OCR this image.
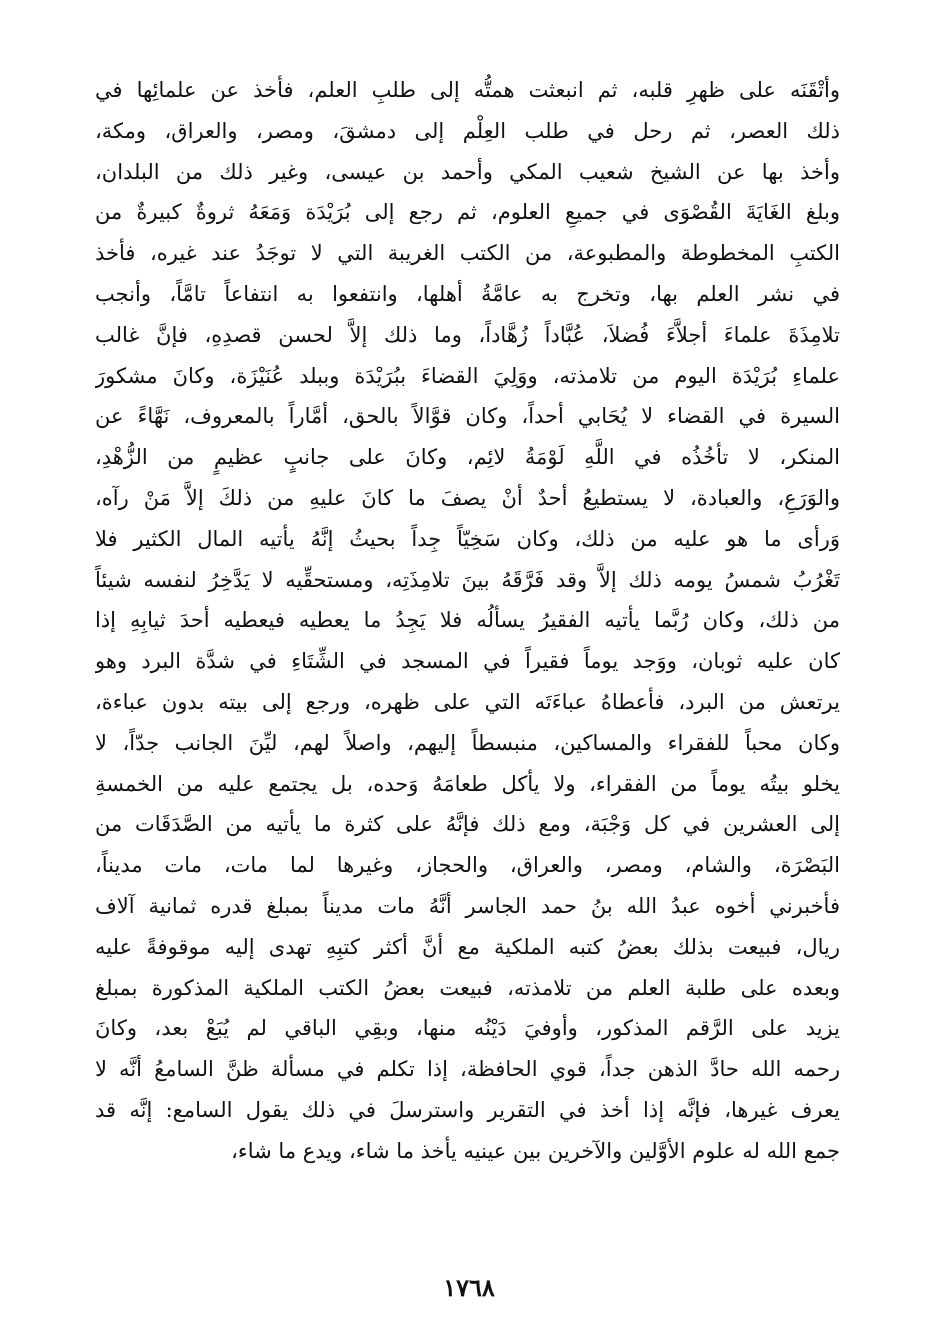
وأتْقَنَه على ظهرِ قلبه، ثم انبعثت همتُّه إلى طلبِ العلم، فأخذ عن علمائِها في
ذلك العصر، ثم رحل في طلب العِلْم إلى دمشقَ، ومصر، والعراق، ومكة،
وأخذ بها عن الشيخ شعيب المكي وأحمد بن عيسى، وغير ذلك من البلدان،
وبلغ الغَايَةَ القُصْوَى في جميعِ العلوم، ثم رجع إلى بُرَيْدَة وَمَعَهُ ثروةٌ كبيرةٌ من
الكتبِ المخطوطة والمطبوعة، من الكتب الغريبة التي لا توجَدُ عند غيره، فأخذ
في نشر العلم بها، وتخرج به عامَّةُ أهلها، وانتفعوا به انتفاعاً تامَّاً، وأنجب
تلامِذَةَ علماءَ أجلاَّءَ فُضلاَ، عُبَّاداً زُهَّاداً، وما ذلك إلاَّ لحسن قصدِهِ، فإنَّ غالب
علماءِ بُرَيْدَة اليوم من تلامذته، ووَلِيَ القضاءَ ببُرَيْدَة وببلد عُنَيْزَة، وكانَ مشكورَ
السيرة في القضاء لا يُحَابي أحداً، وكان قوَّالاً بالحق، أمَّاراً بالمعروف، نَهَّاءً عن
المنكر، لا تأخُذُه في اللَّهِ لَوْمَةُ لائِم، وكانَ على جانبٍ عظيمٍ من الزُّهْدِ،
والوَرَعِ، والعبادة، لا يستطيعُ أحدٌ أنْ يصفَ ما كانَ عليهِ من ذلكَ إلاَّ مَنْ رآه،
وَرأى ما هو عليه من ذلك، وكان سَخِيّاً جِداً بحيثُ إنَّهُ يأتيه المال الكثير فلا
تَغْرُبُ شمسُ يومه ذلك إلاَّ وقد فَرَّقَهُ بينَ تلامِذَتِه، ومستحقِّيه لا يَدَّخِرُ لنفسه شيئاً
من ذلك، وكان رُبَّما يأتيه الفقيرُ يسألُه فلا يَجِدُ ما يعطيه فيعطيه أحدَ ثيابِهِ إذا
كان عليه ثوبان، ووَجد يوماً فقيراً في المسجد في الشِّتَاءِ في شدَّة البرد وهو
يرتعش من البرد، فأعطاهُ عباءَتَه التي على ظهره، ورجع إلى بيته بدون عباءة،
وكان محباً للفقراء والمساكين، منبسطاً إليهم، واصلاً لهم، ليِّنَ الجانب جدّاً، لا
يخلو بيتُه يوماً من الفقراء، ولا يأكل طعامَهُ وَحده، بل يجتمع عليه من الخمسةِ
إلى العشرين في كل وَجْبَة، ومع ذلك فإنَّهُ على كثرة ما يأتيه من الصَّدَقَات من
البَصْرَة، والشام، ومصر، والعراق، والحجاز، وغيرها لما مات، مات مديناً،
فأخبرني أخوه عبدُ الله بنُ حمد الجاسر أنَّهُ مات مديناً بمبلغ قدره ثمانية آلاف
ريال، فبيعت بذلك بعضُ كتبه الملكية مع أنَّ أكثر كتبِهِ تهدى إليه موقوفةً عليه
وبعده على طلبة العلم من تلامذته، فبيعت بعضُ الكتب الملكية المذكورة بمبلغ
يزيد على الرَّقم المذكور، وأوفيَ دَيْنُه منها، وبقِي الباقي لم يُبَعْ بعد، وكانَ
رحمه الله حادَّ الذهن جداً، قوي الحافظة، إذا تكلم في مسألة ظنَّ السامعُ أنَّه لا
يعرف غيرها، فإنَّه إذا أخذ في التقرير واسترسلَ في ذلك يقول السامع: إنَّه قد
جمع الله له علوم الأوَّلين والآخرين بين عينيه يأخذ ما شاء، ويدع ما شاء،
١٧٦٨
